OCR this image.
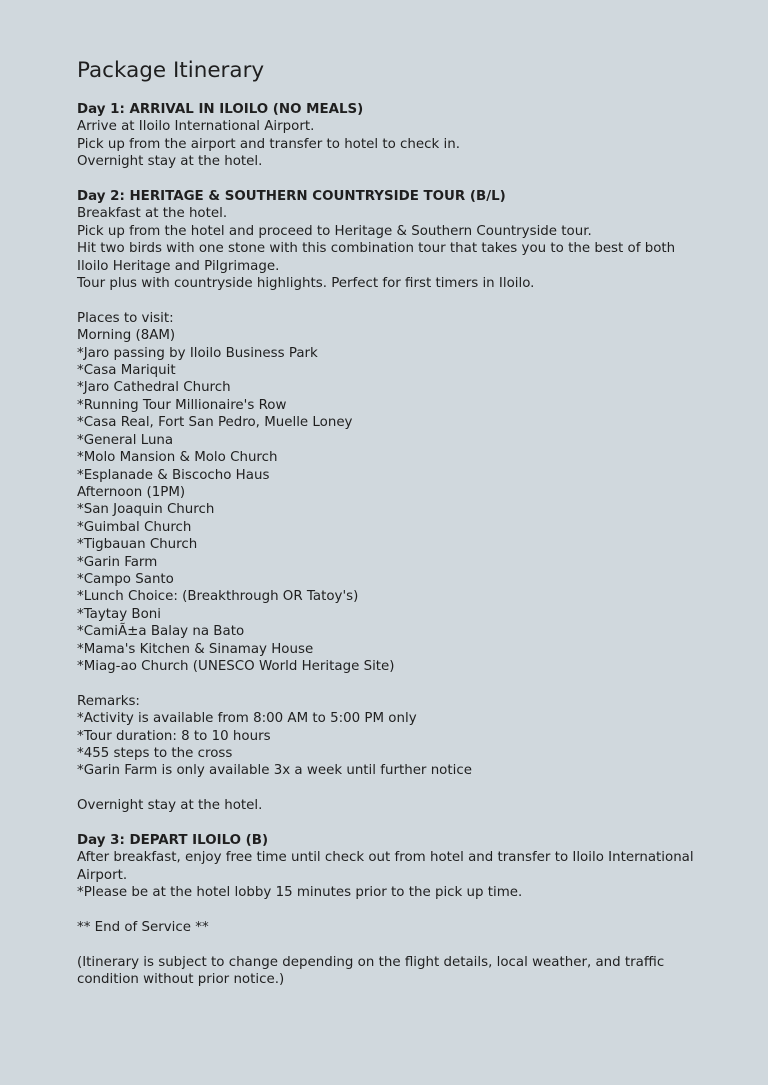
Package Itinerary

Day 1: ARRIVAL IN ILOILO (NO MEALS)

Arrive at Iloilo International Airport.

Pick up from the airport and transfer to hotel to check in.

Overnight stay at the hotel.

Day 2: HERITAGE & SOUTHERN COUNTRYSIDE TOUR (B/L)

Breakfast at the hotel.

Pick up from the hotel and proceed to Heritage & Southern Countryside tour.

Hit two birds with one stone with this combination tour that takes you to the best of both Iloilo Heritage and Pilgrimage.

Tour plus with countryside highlights. Perfect for first timers in Iloilo.

Places to visit:

Morning (8AM)

*Jaro passing by Iloilo Business Park

*Casa Mariquit

*Jaro Cathedral Church

*Running Tour Millionaire's Row

*Casa Real, Fort San Pedro, Muelle Loney

*General Luna

*Molo Mansion & Molo Church

*Esplanade & Biscocho Haus

Afternoon (1PM)

*San Joaquin Church

*Guimbal Church

*Tigbauan Church

*Garin Farm

*Campo Santo

*Lunch Choice: (Breakthrough OR Tatoy's)

*Taytay Boni

*CamiÃ±a Balay na Bato

*Mama's Kitchen & Sinamay House

*Miag-ao Church (UNESCO World Heritage Site)

Remarks:

*Activity is available from 8:00 AM to 5:00 PM only

*Tour duration: 8 to 10 hours

*455 steps to the cross

*Garin Farm is only available 3x a week until further notice

Overnight stay at the hotel.

Day 3: DEPART ILOILO (B)

After breakfast, enjoy free time until check out from hotel and transfer to Iloilo International Airport.

*Please be at the hotel lobby 15 minutes prior to the pick up time.

** End of Service **

(Itinerary is subject to change depending on the flight details, local weather, and traffic condition without prior notice.)
